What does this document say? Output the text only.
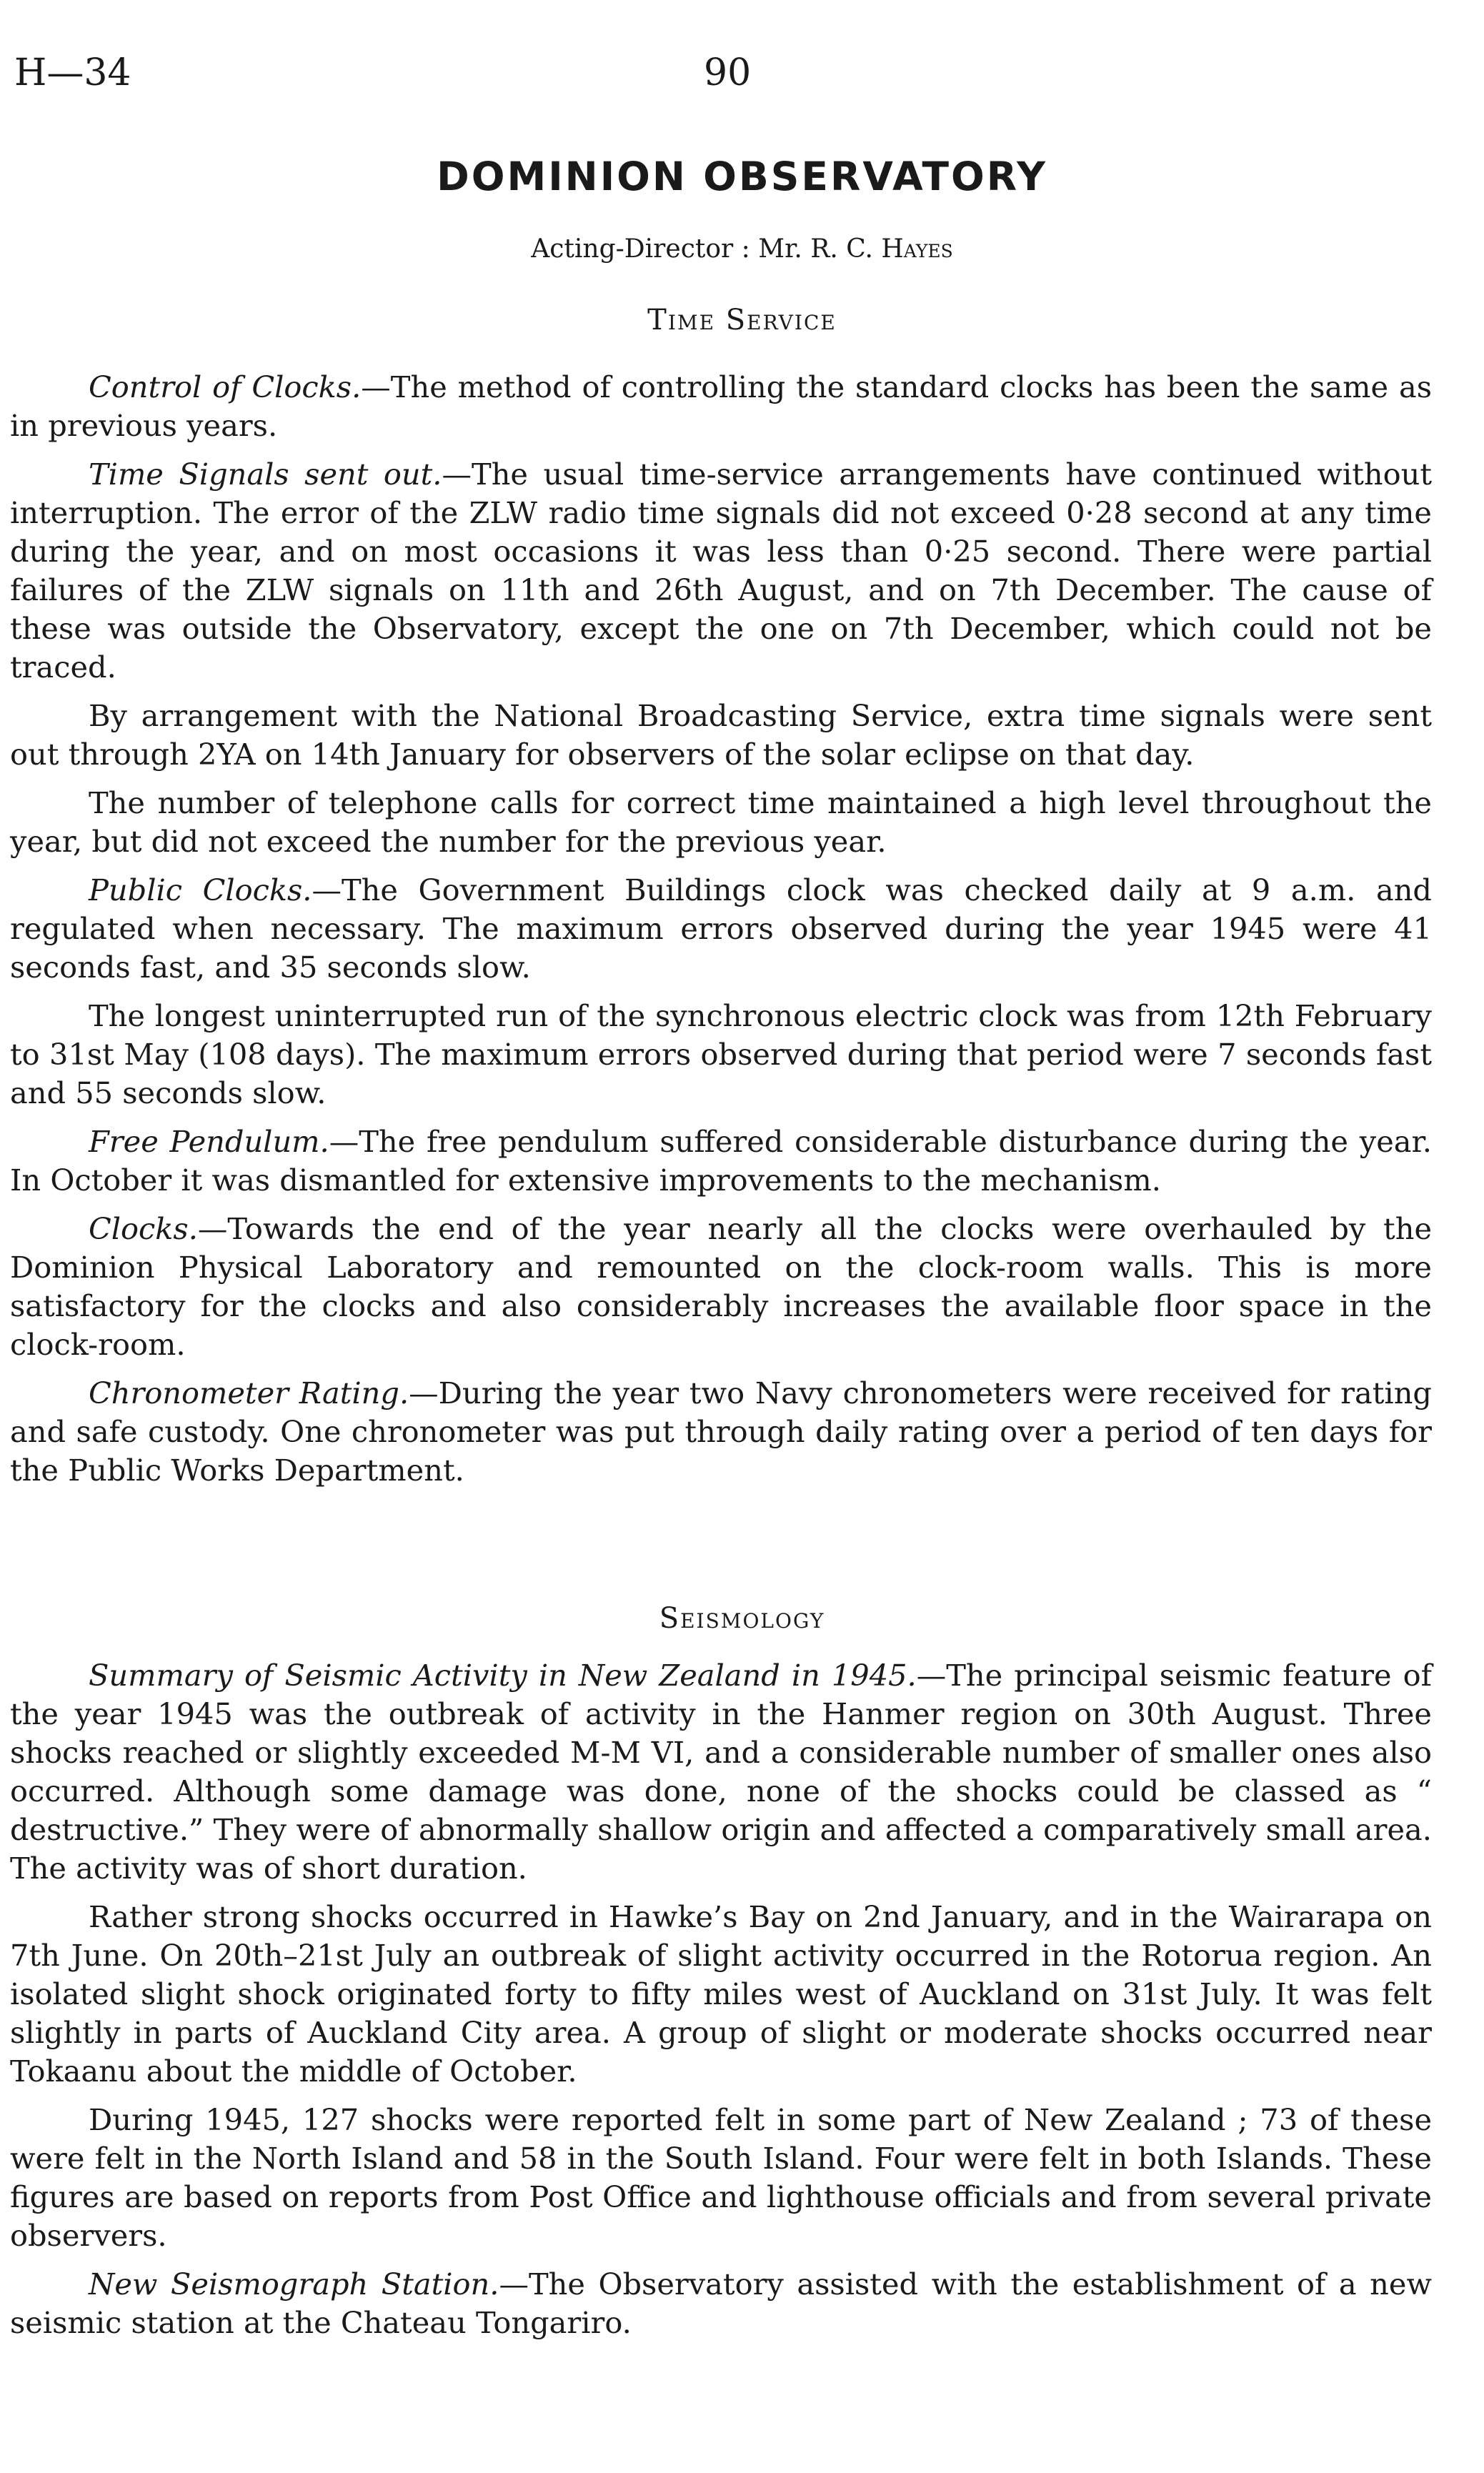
H—34	90
DOMINION OBSERVATORY
Acting-Director : Mr. R. C. Hayes
Time Service

Control of Clocks.—The method of controlling the standard clocks has been the same as in previous years.

Time Signals sent out.—The usual time-service arrangements have continued without interruption. The error of the ZLW radio time signals did not exceed 0·28 second at any time during the year, and on most occasions it was less than 0·25 second. There were partial failures of the ZLW signals on 11th and 26th August, and on 7th December. The cause of these was outside the Observatory, except the one on 7th December, which could not be traced.

By arrangement with the National Broadcasting Service, extra time signals were sent out through 2YA on 14th January for observers of the solar eclipse on that day.

The number of telephone calls for correct time maintained a high level throughout the year, but did not exceed the number for the previous year.

Public Clocks.—The Government Buildings clock was checked daily at 9 a.m. and regulated when necessary. The maximum errors observed during the year 1945 were 41 seconds fast, and 35 seconds slow.

The longest uninterrupted run of the synchronous electric clock was from 12th February to 31st May (108 days). The maximum errors observed during that period were 7 seconds fast and 55 seconds slow.

Free Pendulum.—The free pendulum suffered considerable disturbance during the year. In October it was dismantled for extensive improvements to the mechanism.

Clocks.—Towards the end of the year nearly all the clocks were overhauled by the Dominion Physical Laboratory and remounted on the clock-room walls. This is more satisfactory for the clocks and also considerably increases the available floor space in the clock-room.

Chronometer Rating.—During the year two Navy chronometers were received for rating and safe custody. One chronometer was put through daily rating over a period of ten days for the Public Works Department.

Seismology

Summary of Seismic Activity in New Zealand in 1945.—The principal seismic feature of the year 1945 was the outbreak of activity in the Hanmer region on 30th August. Three shocks reached or slightly exceeded M-M VI, and a considerable number of smaller ones also occurred. Although some damage was done, none of the shocks could be classed as “ destructive.” They were of abnormally shallow origin and affected a comparatively small area. The activity was of short duration.

Rather strong shocks occurred in Hawke’s Bay on 2nd January, and in the Wairarapa on 7th June. On 20th–21st July an outbreak of slight activity occurred in the Rotorua region. An isolated slight shock originated forty to fifty miles west of Auckland on 31st July. It was felt slightly in parts of Auckland City area. A group of slight or moderate shocks occurred near Tokaanu about the middle of October.

During 1945, 127 shocks were reported felt in some part of New Zealand ; 73 of these were felt in the North Island and 58 in the South Island. Four were felt in both Islands. These figures are based on reports from Post Office and lighthouse officials and from several private observers.

New Seismograph Station.—The Observatory assisted with the establishment of a new seismic station at the Chateau Tongariro.
